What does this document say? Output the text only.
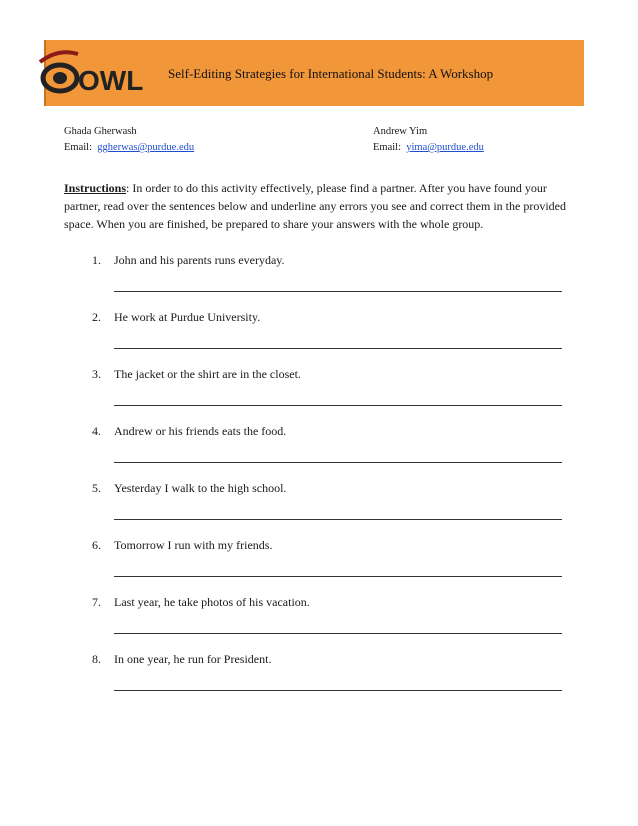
OWL Self-Editing Strategies for International Students: A Workshop
Ghada Gherwash
Email: ggherwas@purdue.edu
Andrew Yim
Email: yima@purdue.edu
Instructions: In order to do this activity effectively, please find a partner. After you have found your partner, read over the sentences below and underline any errors you see and correct them in the provided space. When you are finished, be prepared to share your answers with the whole group.
1. John and his parents runs everyday.
2. He work at Purdue University.
3. The jacket or the shirt are in the closet.
4. Andrew or his friends eats the food.
5. Yesterday I walk to the high school.
6. Tomorrow I run with my friends.
7. Last year, he take photos of his vacation.
8. In one year, he run for President.
